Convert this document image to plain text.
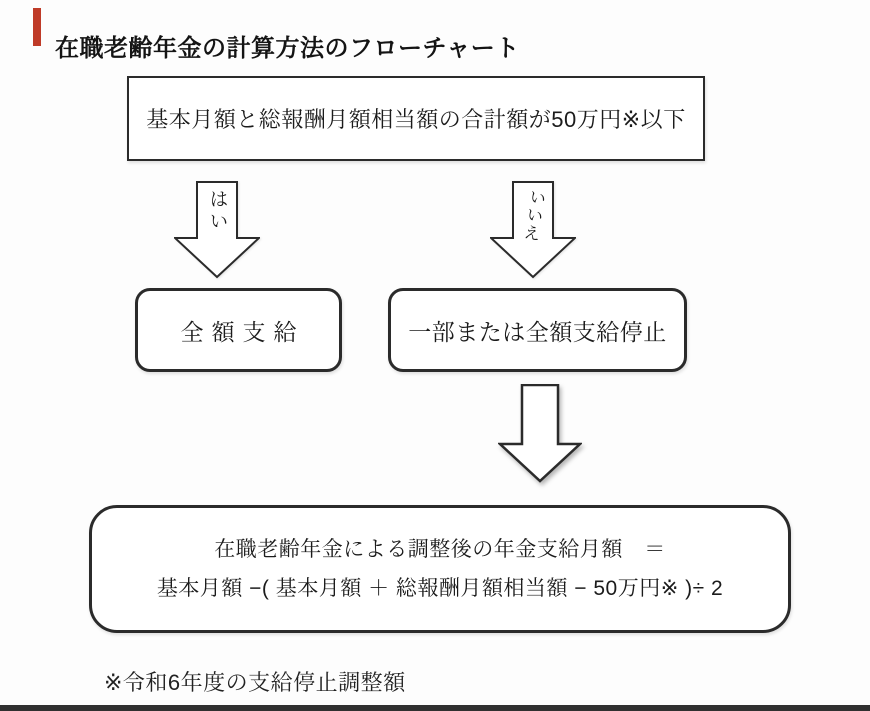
在職老齢年金の計算方法のフローチャート
基本月額と総報酬月額相当額の合計額が50万円※以下
はい	いいえ
全額支給	一部または全額支給停止
在職老齢年金による調整後の年金支給月額　＝
基本月額 −( 基本月額 ＋ 総報酬月額相当額 − 50万円※ )÷ 2
※令和6年度の支給停止調整額
